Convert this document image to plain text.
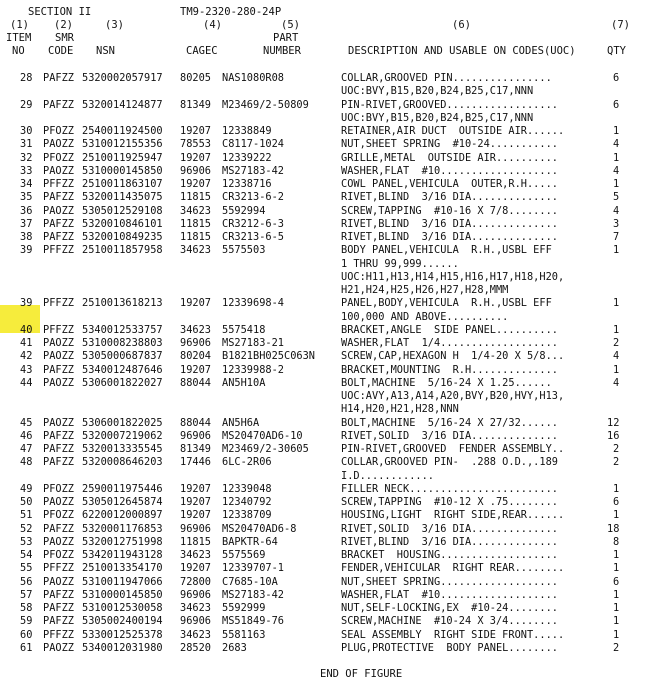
SECTION II	TM9-2320-280-24P
(1) (2)	(3)	(4)	(5)	(6)	(7)
ITEM SMR	PART
NO CODE NSN	CAGEC	NUMBER	DESCRIPTION AND USABLE ON CODES(UOC)	QTY
28 PAFZZ 5320002057917 80205 NAS1080R08	6
COLLAR,GROOVED PIN................
UOC:BVY,B15,B20,B24,B25,C17,NNN
29 PAFZZ 5320014124877 81349 M23469/2-50809	6
PIN-RIVET,GROOVED..................
UOC:BVY,B15,B20,B24,B25,C17,NNN
30 PFOZZ 2540011924500 19207 12338849	1
RETAINER,AIR DUCT  OUTSIDE AIR......
31 PAOZZ 5310012155356 78553 C8117-1024	4
NUT,SHEET SPRING  #10-24...........
32 PFOZZ 2510011925947 19207 12339222	1
GRILLE,METAL  OUTSIDE AIR..........
33 PAOZZ 5310000145850 96906 MS27183-42	4
WASHER,FLAT  #10...................
34 PFFZZ 2510011863107 19207 12338716	1
COWL PANEL,VEHICULA  OUTER,R.H.....
35 PAFZZ 5320011435075 11815 CR3213-6-2	5
RIVET,BLIND  3/16 DIA..............
36 PAOZZ 5305012529108 34623 5592994	4
SCREW,TAPPING  #10-16 X 7/8........
37 PAFZZ 5320010846101 11815 CR3212-6-3	3
RIVET,BLIND  3/16 DIA..............
38 PAFZZ 5320010849235 11815 CR3213-6-5	7
RIVET,BLIND  3/16 DIA..............
39 PFFZZ 2510011857958 34623 5575503	1
BODY PANEL,VEHICULA  R.H.,USBL EFF
1 THRU 99,999......
UOC:H11,H13,H14,H15,H16,H17,H18,H20,
H21,H24,H25,H26,H27,H28,MMM
39 PFFZZ 2510013618213 19207 12339698-4	1
PANEL,BODY,VEHICULA  R.H.,USBL EFF
100,000 AND ABOVE..........
40 PFFZZ 5340012533757 34623 5575418	1
BRACKET,ANGLE  SIDE PANEL..........
41 PAOZZ 5310008238803 96906 MS27183-21	2
WASHER,FLAT  1/4...................
42 PAOZZ 5305000687837 80204 B1821BH025C063N	4
SCREW,CAP,HEXAGON H  1/4-20 X 5/8...
43 PAFZZ 5340012487646 19207 12339988-2	1
BRACKET,MOUNTING  R.H..............
44 PAOZZ 5306001822027 88044 AN5H10A	4
BOLT,MACHINE  5/16-24 X 1.25......
UOC:AVY,A13,A14,A20,BVY,B20,HVY,H13,
H14,H20,H21,H28,NNN
45 PAOZZ 5306001822025 88044 AN5H6A	12
BOLT,MACHINE  5/16-24 X 27/32......
46 PAFZZ 5320007219062 96906 MS20470AD6-10	16
RIVET,SOLID  3/16 DIA..............
47 PAFZZ 5320013335545 81349 M23469/2-30605	2
PIN-RIVET,GROOVED  FENDER ASSEMBLY..
48 PAFZZ 5320008646203 17446 6LC-2R06	2
COLLAR,GROOVED PIN-  .288 O.D.,.189
I.D............
49 PFOZZ 2590011975446 19207 12339048	1
FILLER NECK........................
50 PAOZZ 5305012645874 19207 12340792	6
SCREW,TAPPING  #10-12 X .75........
51 PFOZZ 6220012000897 19207 12338709	1
HOUSING,LIGHT  RIGHT SIDE,REAR......
52 PAFZZ 5320001176853 96906 MS20470AD6-8	18
RIVET,SOLID  3/16 DIA..............
53 PAOZZ 5320012751998 11815 BAPKTR-64	8
RIVET,BLIND  3/16 DIA..............
54 PFOZZ 5342011943128 34623 5575569	1
BRACKET  HOUSING...................
55 PFFZZ 2510013354170 19207 12339707-1	1
FENDER,VEHICULAR  RIGHT REAR........
56 PAOZZ 5310011947066 72800 C7685-10A	6
NUT,SHEET SPRING...................
57 PAFZZ 5310000145850 96906 MS27183-42	1
WASHER,FLAT  #10...................
58 PAFZZ 5310012530058 34623 5592999	1
NUT,SELF-LOCKING,EX  #10-24........
59 PAFZZ 5305002400194 96906 MS51849-76	1
SCREW,MACHINE  #10-24 X 3/4........
60 PFFZZ 5330012525378 34623 5581163	1
SEAL ASSEMBLY  RIGHT SIDE FRONT.....
61 PAOZZ 5340012031980 28520 2683	2
PLUG,PROTECTIVE  BODY PANEL........
END OF FIGURE
